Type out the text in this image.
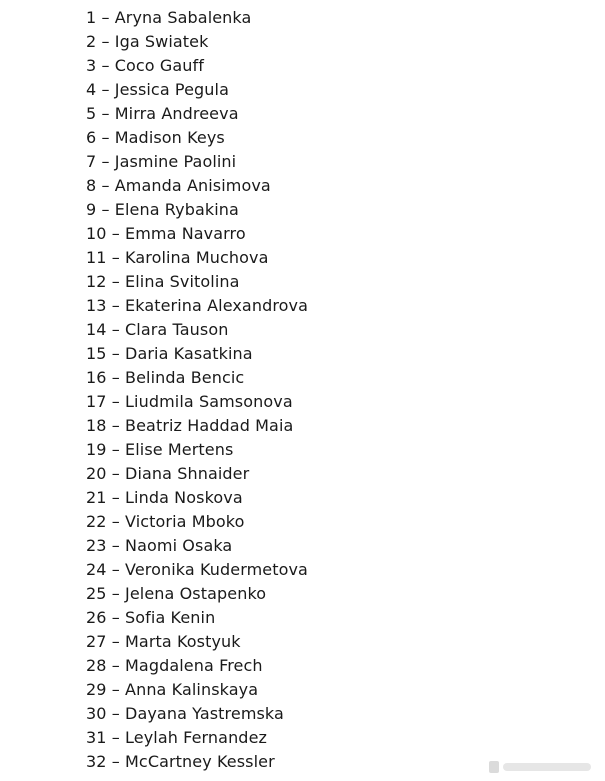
1 – Aryna Sabalenka
2 – Iga Swiatek
3 – Coco Gauff
4 – Jessica Pegula
5 – Mirra Andreeva
6 – Madison Keys
7 – Jasmine Paolini
8 – Amanda Anisimova
9 – Elena Rybakina
10 – Emma Navarro
11 – Karolina Muchova
12 – Elina Svitolina
13 – Ekaterina Alexandrova
14 – Clara Tauson
15 – Daria Kasatkina
16 – Belinda Bencic
17 – Liudmila Samsonova
18 – Beatriz Haddad Maia
19 – Elise Mertens
20 – Diana Shnaider
21 – Linda Noskova
22 – Victoria Mboko
23 – Naomi Osaka
24 – Veronika Kudermetova
25 – Jelena Ostapenko
26 – Sofia Kenin
27 – Marta Kostyuk
28 – Magdalena Frech
29 – Anna Kalinskaya
30 – Dayana Yastremska
31 – Leylah Fernandez
32 – McCartney Kessler
